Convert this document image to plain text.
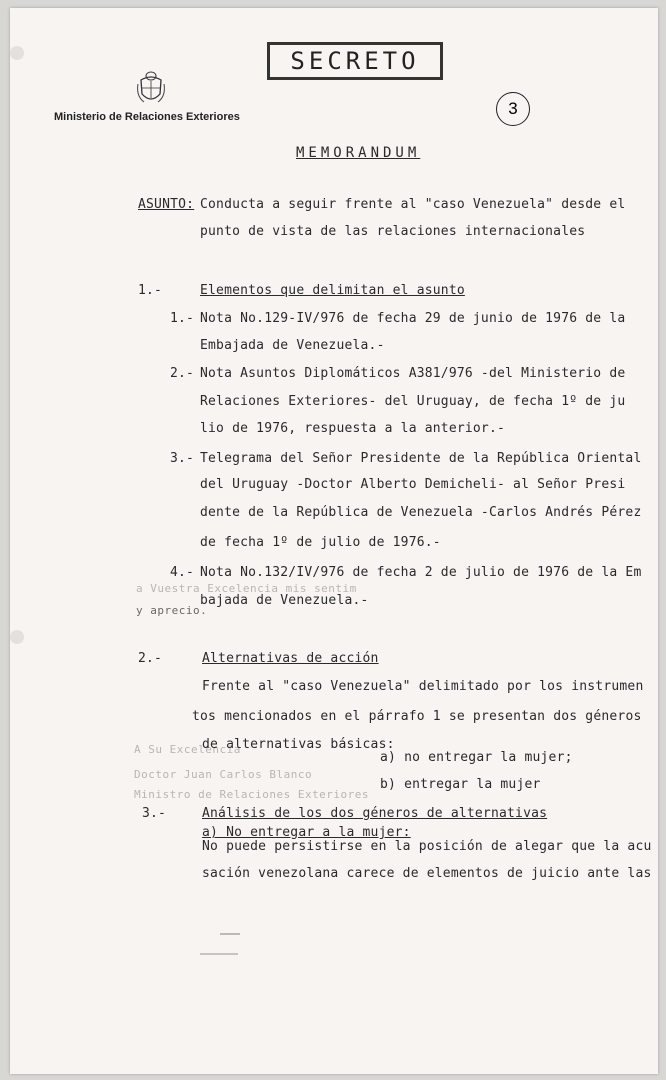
Ministerio de Relaciones Exteriores
SECRETO
3
MEMORANDUM
a Vuestra Excelencia mis sentim
y aprecio.
A Su Excelencia
Doctor Juan Carlos Blanco
Ministro de Relaciones Exteriores
ASUNTO: Conducta a seguir frente al "caso Venezuela" desde el
punto de vista de las relaciones internacionales
1.-	Elementos que delimitan el asunto
1.- Nota No.129-IV/976 de fecha 29 de junio de 1976 de la
Embajada de Venezuela.-
2.- Nota Asuntos Diplomáticos A381/976 -del Ministerio de
Relaciones Exteriores- del Uruguay, de fecha 1º de ju
lio de 1976, respuesta a la anterior.-
3.- Telegrama del Señor Presidente de la República Oriental
del Uruguay -Doctor Alberto Demicheli- al Señor Presi
dente de la República de Venezuela -Carlos Andrés Pérez
de fecha 1º de julio de 1976.-
4.- Nota No.132/IV/976 de fecha 2 de julio de 1976 de la Em
bajada de Venezuela.-
2.-	Alternativas de acción
Frente al "caso Venezuela" delimitado por los instrumen
tos mencionados en el párrafo 1 se presentan dos géneros
de alternativas básicas:
a) no entregar la mujer;
b) entregar la mujer
3.-	Análisis de los dos géneros de alternativas
a) No entregar a la mujer:
No puede persistirse en la posición de alegar que la acu
sación venezolana carece de elementos de juicio ante las
